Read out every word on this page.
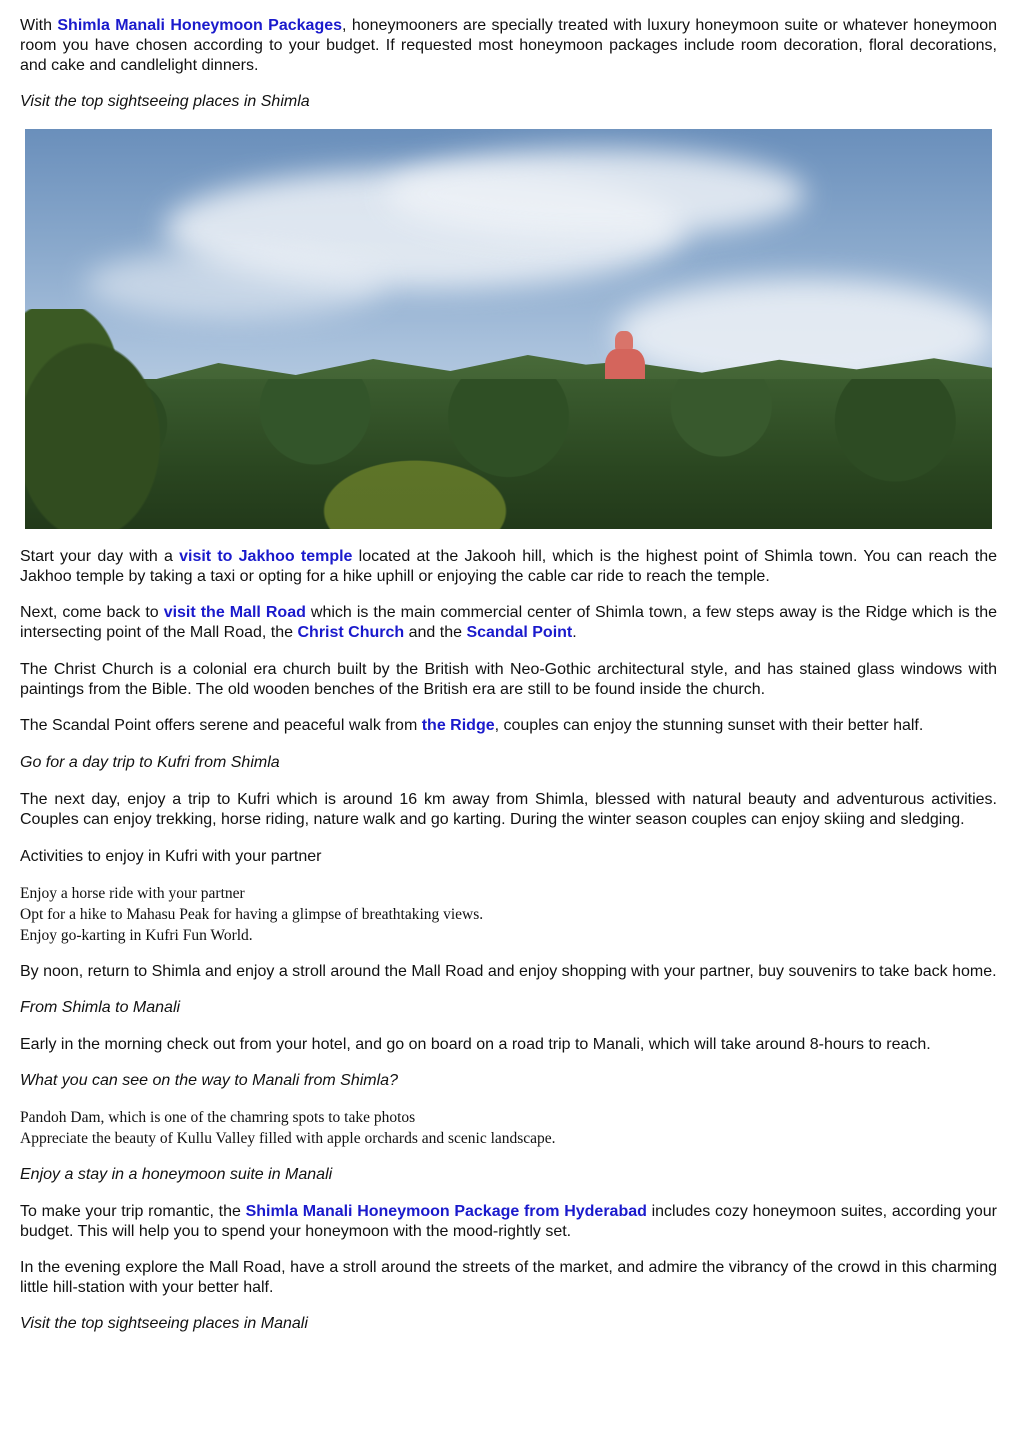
With Shimla Manali Honeymoon Packages, honeymooners are specially treated with luxury honeymoon suite or whatever honeymoon room you have chosen according to your budget. If requested most honeymoon packages include room decoration, floral decorations, and cake and candlelight dinners.

Visit the top sightseeing places in Shimla

Start your day with a visit to Jakhoo temple located at the Jakooh hill, which is the highest point of Shimla town. You can reach the Jakhoo temple by taking a taxi or opting for a hike uphill or enjoying the cable car ride to reach the temple.

Next, come back to visit the Mall Road which is the main commercial center of Shimla town, a few steps away is the Ridge which is the intersecting point of the Mall Road, the Christ Church and the Scandal Point.

The Christ Church is a colonial era church built by the British with Neo-Gothic architectural style, and has stained glass windows with paintings from the Bible. The old wooden benches of the British era are still to be found inside the church.

The Scandal Point offers serene and peaceful walk from the Ridge, couples can enjoy the stunning sunset with their better half.

Go for a day trip to Kufri from Shimla

The next day, enjoy a trip to Kufri which is around 16 km away from Shimla, blessed with natural beauty and adventurous activities. Couples can enjoy trekking, horse riding, nature walk and go karting. During the winter season couples can enjoy skiing and sledging.

Activities to enjoy in Kufri with your partner

Enjoy a horse ride with your partner

Opt for a hike to Mahasu Peak for having a glimpse of breathtaking views.

Enjoy go-karting in Kufri Fun World.

By noon, return to Shimla and enjoy a stroll around the Mall Road and enjoy shopping with your partner, buy souvenirs to take back home.

From Shimla to Manali

Early in the morning check out from your hotel, and go on board on a road trip to Manali, which will take around 8-hours to reach.

What you can see on the way to Manali from Shimla?

Pandoh Dam, which is one of the chamring spots to take photos

Appreciate the beauty of Kullu Valley filled with apple orchards and scenic landscape.

Enjoy a stay in a honeymoon suite in Manali

To make your trip romantic, the Shimla Manali Honeymoon Package from Hyderabad includes cozy honeymoon suites, according your budget. This will help you to spend your honeymoon with the mood-rightly set.

In the evening explore the Mall Road, have a stroll around the streets of the market, and admire the vibrancy of the crowd in this charming little hill-station with your better half.

Visit the top sightseeing places in Manali
